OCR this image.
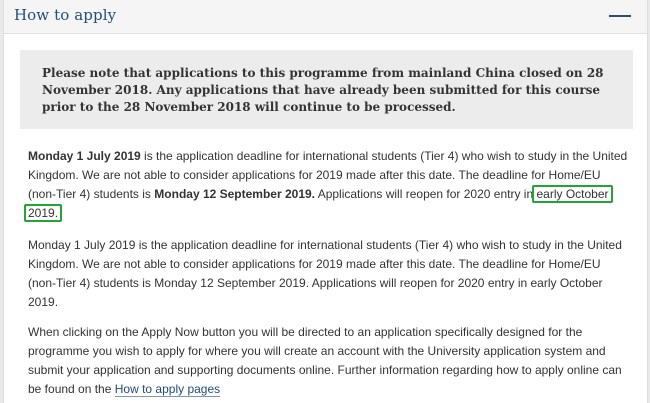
How to apply
Please note that applications to this programme from mainland China closed on 28 November 2018. Any applications that have already been submitted for this course prior to the 28 November 2018 will continue to be processed.
Monday 1 July 2019 is the application deadline for international students (Tier 4) who wish to study in the United Kingdom. We are not able to consider applications for 2019 made after this date. The deadline for Home/EU (non-Tier 4) students is Monday 12 September 2019. Applications will reopen for 2020 entry in early October
2019.
Monday 1 July 2019 is the application deadline for international students (Tier 4) who wish to study in the United Kingdom. We are not able to consider applications for 2019 made after this date. The deadline for Home/EU (non-Tier 4) students is Monday 12 September 2019. Applications will reopen for 2020 entry in early October 2019.
When clicking on the Apply Now button you will be directed to an application specifically designed for the programme you wish to apply for where you will create an account with the University application system and submit your application and supporting documents online. Further information regarding how to apply online can be found on the How to apply pages
